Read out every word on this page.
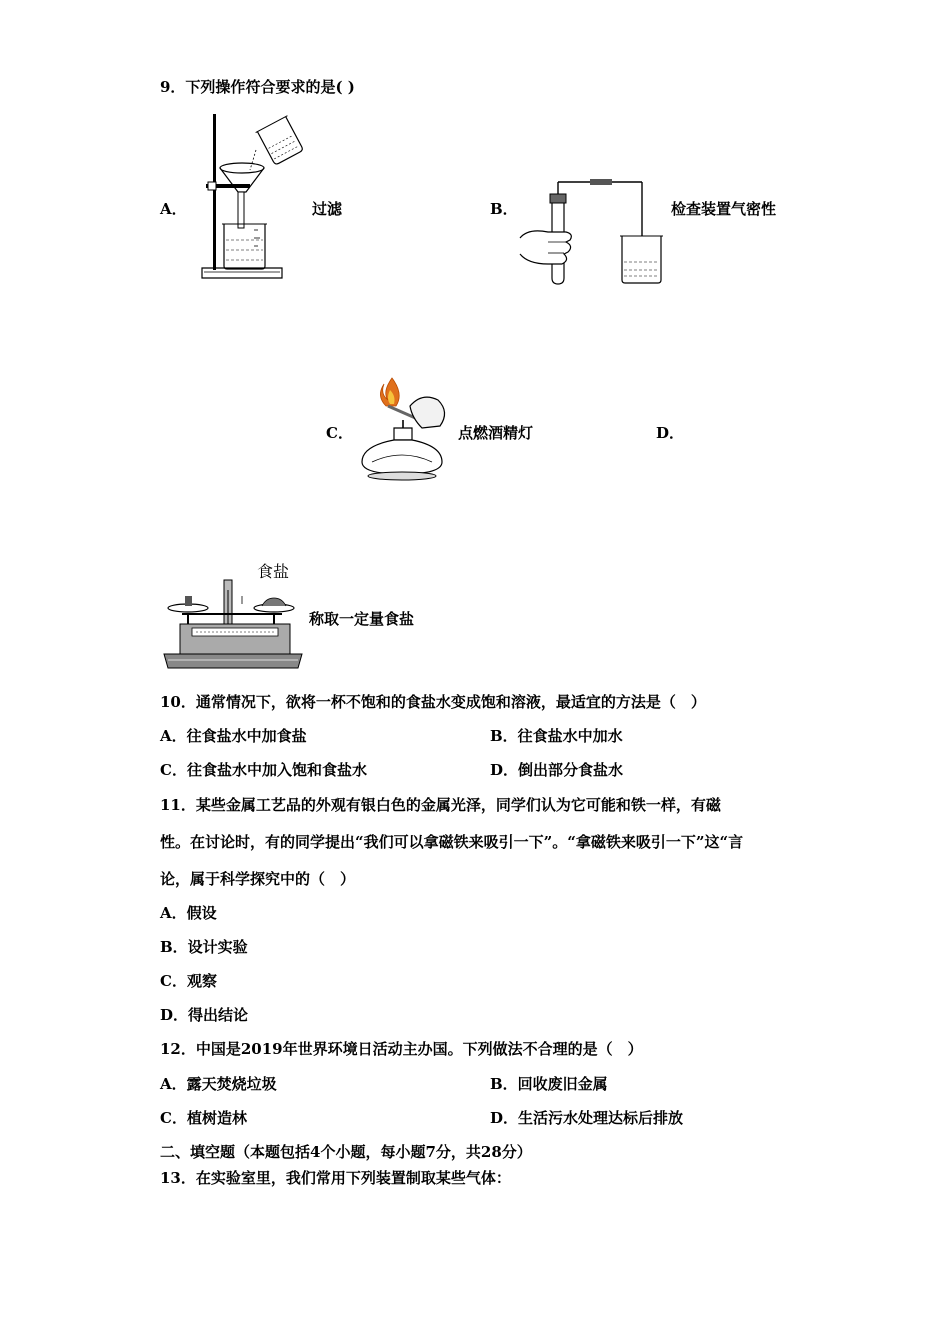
9．下列操作符合要求的是( )
A．	过滤	B．	检查装置气密性
C．	点燃酒精灯	D．
食盐
称取一定量食盐
10．通常情况下，欲将一杯不饱和的食盐水变成饱和溶液，最适宜的方法是（　）
A．往食盐水中加食盐	B．往食盐水中加水
C．往食盐水中加入饱和食盐水	D．倒出部分食盐水
11．某些金属工艺品的外观有银白色的金属光泽，同学们认为它可能和铁一样，有磁
性。在讨论时，有的同学提出“我们可以拿磁铁来吸引一下”。“拿磁铁来吸引一下”这“言
论，属于科学探究中的（　）
A．假设
B．设计实验
C．观察
D．得出结论
12．中国是2019年世界环境日活动主办国。下列做法不合理的是（　）
A．露天焚烧垃圾	B．回收废旧金属
C．植树造林	D．生活污水处理达标后排放
二、填空题（本题包括4个小题，每小题7分，共28分）
13．在实验室里，我们常用下列装置制取某些气体：
